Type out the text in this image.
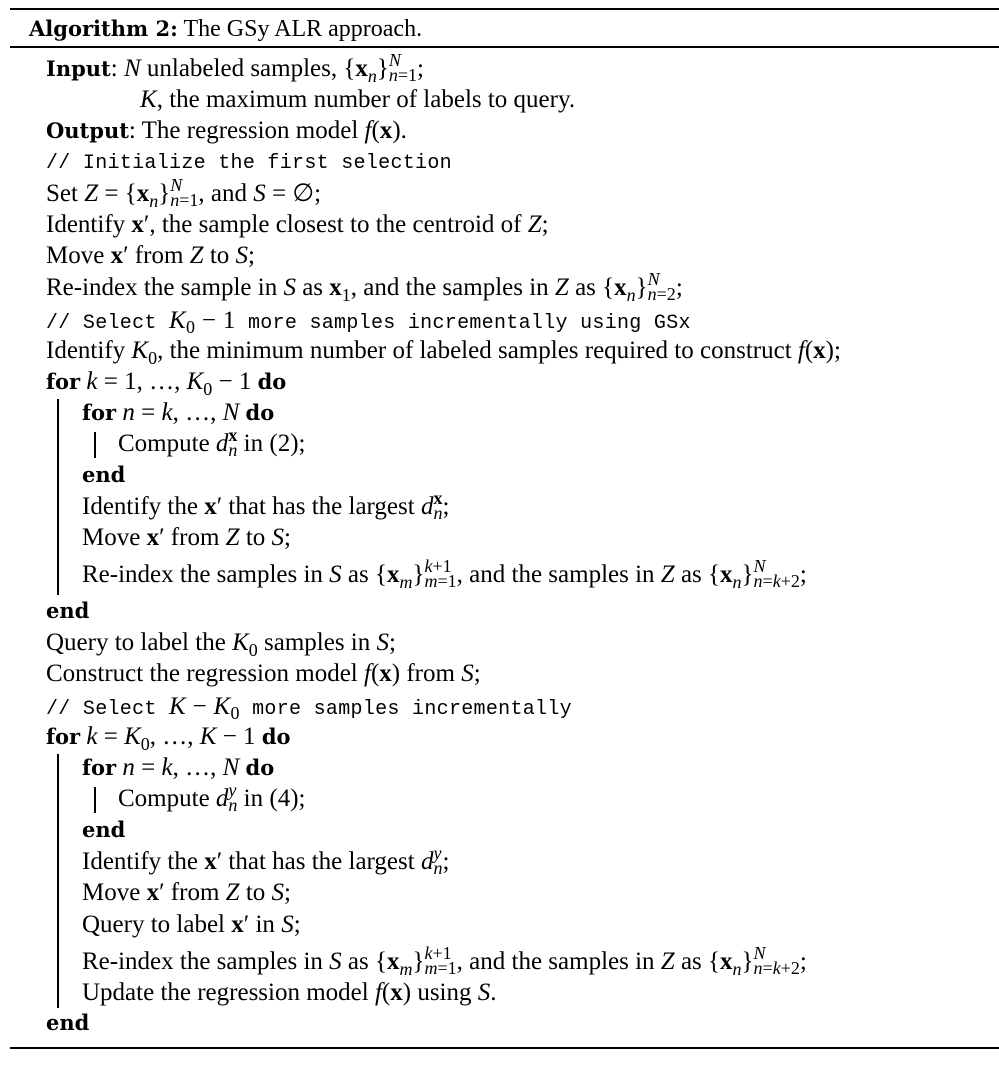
Algorithm 2: The GSy ALR approach.
Input: N unlabeled samples, $\{x_n\}$ N
n=1 ;
K, the maximum number of labels to query.
Output: The regression model f(x).
// Initialize the first selection
Set $Z = \{x_n\}$ N
n=1 , and S = ∅;
Identify x′, the sample closest to the centroid of Z;
Move x′ from Z to S;
Re-index the sample in S as $x_1$, and the samples in Z as $\{x_n\}$ N
n=2 ;
// Select $K_0 - 1$ more samples incrementally using GSx
Identify $K_0$, the minimum number of labeled samples required to construct f(x);
for k = 1, …, $K_0 - 1$ do
for n = k, …, N do
Compute d x
n in (2);
end
Identify the x′ that has the largest d x
n ;
Move x′ from Z to S;
Re-index the samples in S as $\{x_m\}$ k+1
m=1 , and the samples in Z as $\{x_n\}$ N
n=k+2 ;
end
Query to label the $K_0$ samples in S;
Construct the regression model f(x) from S;
// Select $K - K_0$ more samples incrementally
for $k = K_0$, …, K − 1 do
for n = k, …, N do
Compute d y
n in (4);
end
Identify the x′ that has the largest d y
n ;
Move x′ from Z to S;
Query to label x′ in S;
Re-index the samples in S as $\{x_m\}$ k+1
m=1 , and the samples in Z as $\{x_n\}$ N
n=k+2 ;
Update the regression model f(x) using S.
end
